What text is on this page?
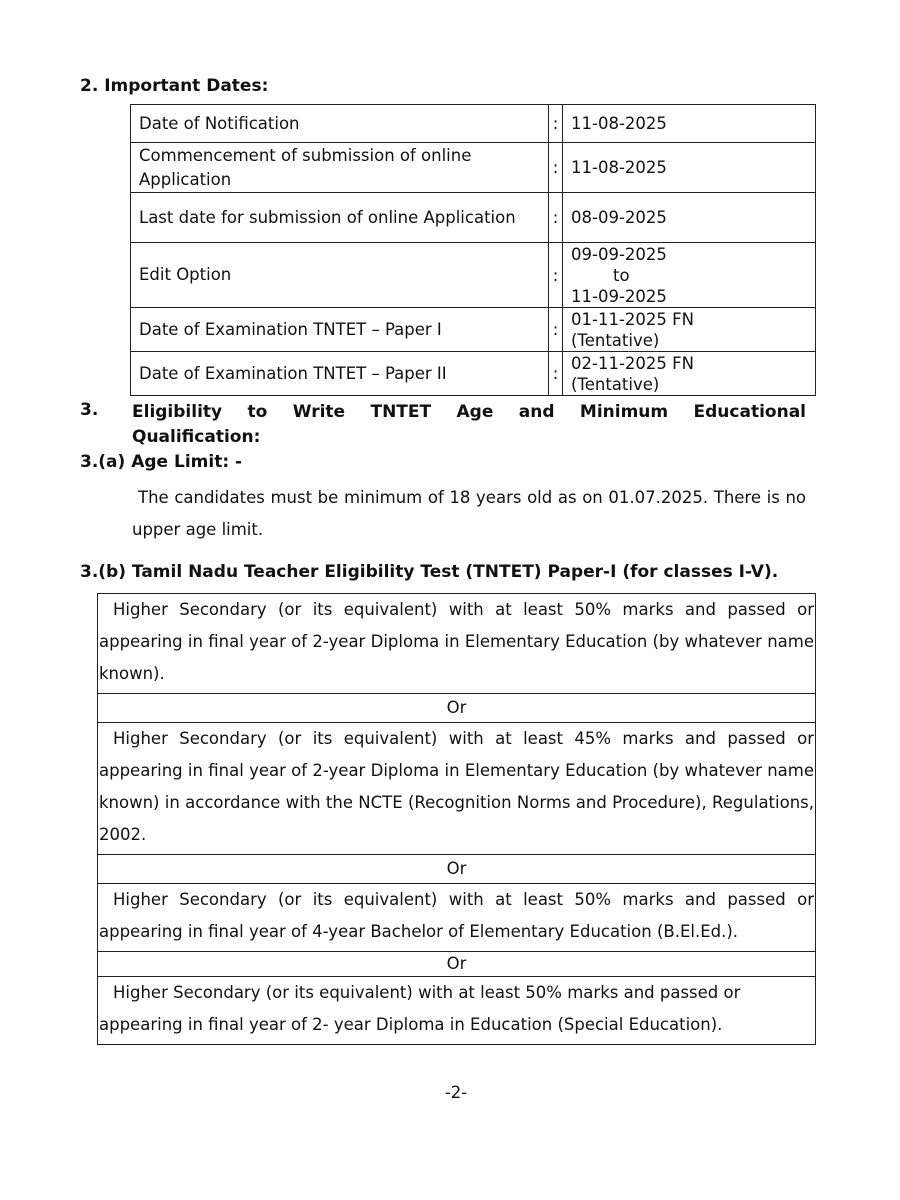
2. Important Dates:
Date of Notification	:	11-08-2025
Commencement of submission of online Application	:	11-08-2025
Last date for submission of online Application	:	08-09-2025
Edit Option	:	09-09-2025
to
11-09-2025

Date of Examination TNTET – Paper I	:	01-11-2025 FN
(Tentative)

Date of Examination TNTET – Paper II	:	02-11-2025 FN
(Tentative)
3. Eligibility to Write TNTET Age and Minimum Educational Qualification:
3.(a) Age Limit: -
The candidates must be minimum of 18 years old as on 01.07.2025. There is no upper age limit.
3.(b) Tamil Nadu Teacher Eligibility Test (TNTET) Paper-I (for classes I-V).
Higher Secondary (or its equivalent) with at least 50% marks and passed or appearing in final year of 2-year Diploma in Elementary Education (by whatever name known).
Or
Higher Secondary (or its equivalent) with at least 45% marks and passed or appearing in final year of 2-year Diploma in Elementary Education (by whatever name known) in accordance with the NCTE (Recognition Norms and Procedure), Regulations, 2002.
Or
Higher Secondary (or its equivalent) with at least 50% marks and passed or appearing in final year of 4-year Bachelor of Elementary Education (B.El.Ed.).
Or
Higher Secondary (or its equivalent) with at least 50% marks and passed or appearing in final year of 2- year Diploma in Education (Special Education).
-2-
